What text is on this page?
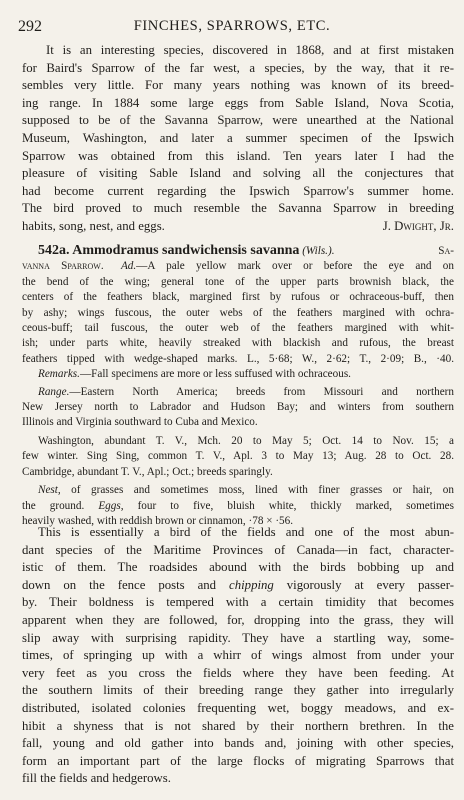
292	FINCHES, SPARROWS, ETC.
It is an interesting species, discovered in 1868, and at first mistaken
for Baird's Sparrow of the far west, a species, by the way, that it re-
sembles very little. For many years nothing was known of its breed-
ing range. In 1884 some large eggs from Sable Island, Nova Scotia,
supposed to be of the Savanna Sparrow, were unearthed at the National
Museum, Washington, and later a summer specimen of the Ipswich
Sparrow was obtained from this island. Ten years later I had the
pleasure of visiting Sable Island and solving all the conjectures that
had become current regarding the Ipswich Sparrow's summer home.
The bird proved to much resemble the Savanna Sparrow in breeding
habits, song, nest, and eggs.	J. Dwight, Jr.
542a. Ammodramus sandwichensis savanna (Wils.).	Sa-
vanna Sparrow. Ad.—A pale yellow mark over or before the eye and on
the bend of the wing; general tone of the upper parts brownish black, the
centers of the feathers black, margined first by rufous or ochraceous-buff, then
by ashy; wings fuscous, the outer webs of the feathers margined with ochra-
ceous-buff; tail fuscous, the outer web of the feathers margined with whit-
ish; under parts white, heavily streaked with blackish and rufous, the breast
feathers tipped with wedge-shaped marks. L., 5·68; W., 2·62; T., 2·09; B., ·40.
Remarks.—Fall specimens are more or less suffused with ochraceous.
Range.—Eastern North America; breeds from Missouri and northern
New Jersey north to Labrador and Hudson Bay; and winters from southern
Illinois and Virginia southward to Cuba and Mexico.
Washington, abundant T. V., Mch. 20 to May 5; Oct. 14 to Nov. 15; a
few winter. Sing Sing, common T. V., Apl. 3 to May 13; Aug. 28 to Oct. 28.
Cambridge, abundant T. V., Apl.; Oct.; breeds sparingly.
Nest, of grasses and sometimes moss, lined with finer grasses or hair, on
the ground. Eggs, four to five, bluish white, thickly marked, sometimes
heavily washed, with reddish brown or cinnamon, ·78 × ·56.
This is essentially a bird of the fields and one of the most abun-
dant species of the Maritime Provinces of Canada—in fact, character-
istic of them. The roadsides abound with the birds bobbing up and
down on the fence posts and chipping vigorously at every passer-
by. Their boldness is tempered with a certain timidity that becomes
apparent when they are followed, for, dropping into the grass, they will
slip away with surprising rapidity. They have a startling way, some-
times, of springing up with a whirr of wings almost from under your
very feet as you cross the fields where they have been feeding. At
the southern limits of their breeding range they gather into irregularly
distributed, isolated colonies frequenting wet, boggy meadows, and ex-
hibit a shyness that is not shared by their northern brethren. In the
fall, young and old gather into bands and, joining with other species,
form an important part of the large flocks of migrating Sparrows that
fill the fields and hedgerows.
